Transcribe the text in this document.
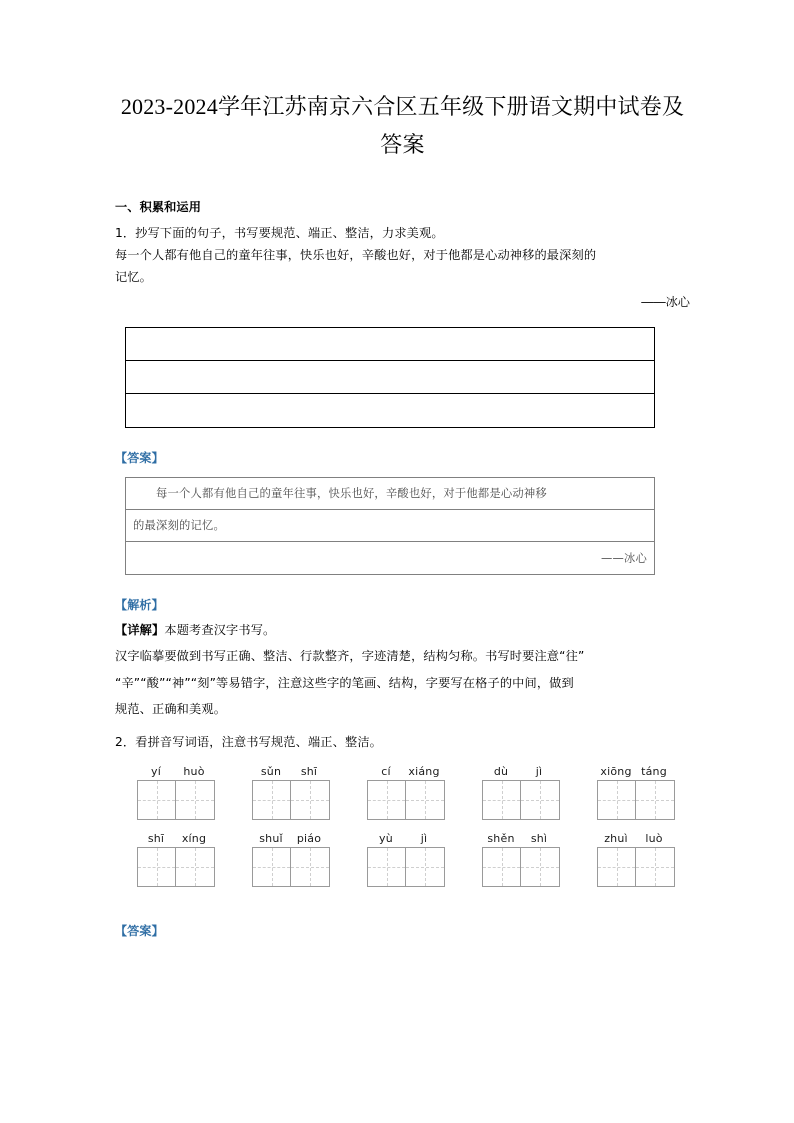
2023-2024学年江苏南京六合区五年级下册语文期中试卷及答案
一、积累和运用
1．抄写下面的句子，书写要规范、端正、整洁，力求美观。
每一个人都有他自己的童年往事，快乐也好，辛酸也好，对于他都是心动神移的最深刻的
记忆。
――冰心
【答案】
　　每一个人都有他自己的童年往事，快乐也好，辛酸也好，对于他都是心动神移
的最深刻的记忆。
——冰心
【解析】
【详解】本题考查汉字书写。
汉字临摹要做到书写正确、整洁、行款整齐，字迹清楚，结构匀称。书写时要注意“往”
“辛”“酸”“神”“刻”等易错字，注意这些字的笔画、结构，字要写在格子的中间，做到
规范、正确和美观。
2．看拼音写词语，注意书写规范、端正、整洁。
yí	huò	sǔn	shī	cí	xiáng	dù	jì	xiōng táng
shī	xíng	shuǐ	piáo	yù	jì	shěn	shì	zhuì	luò
【答案】
